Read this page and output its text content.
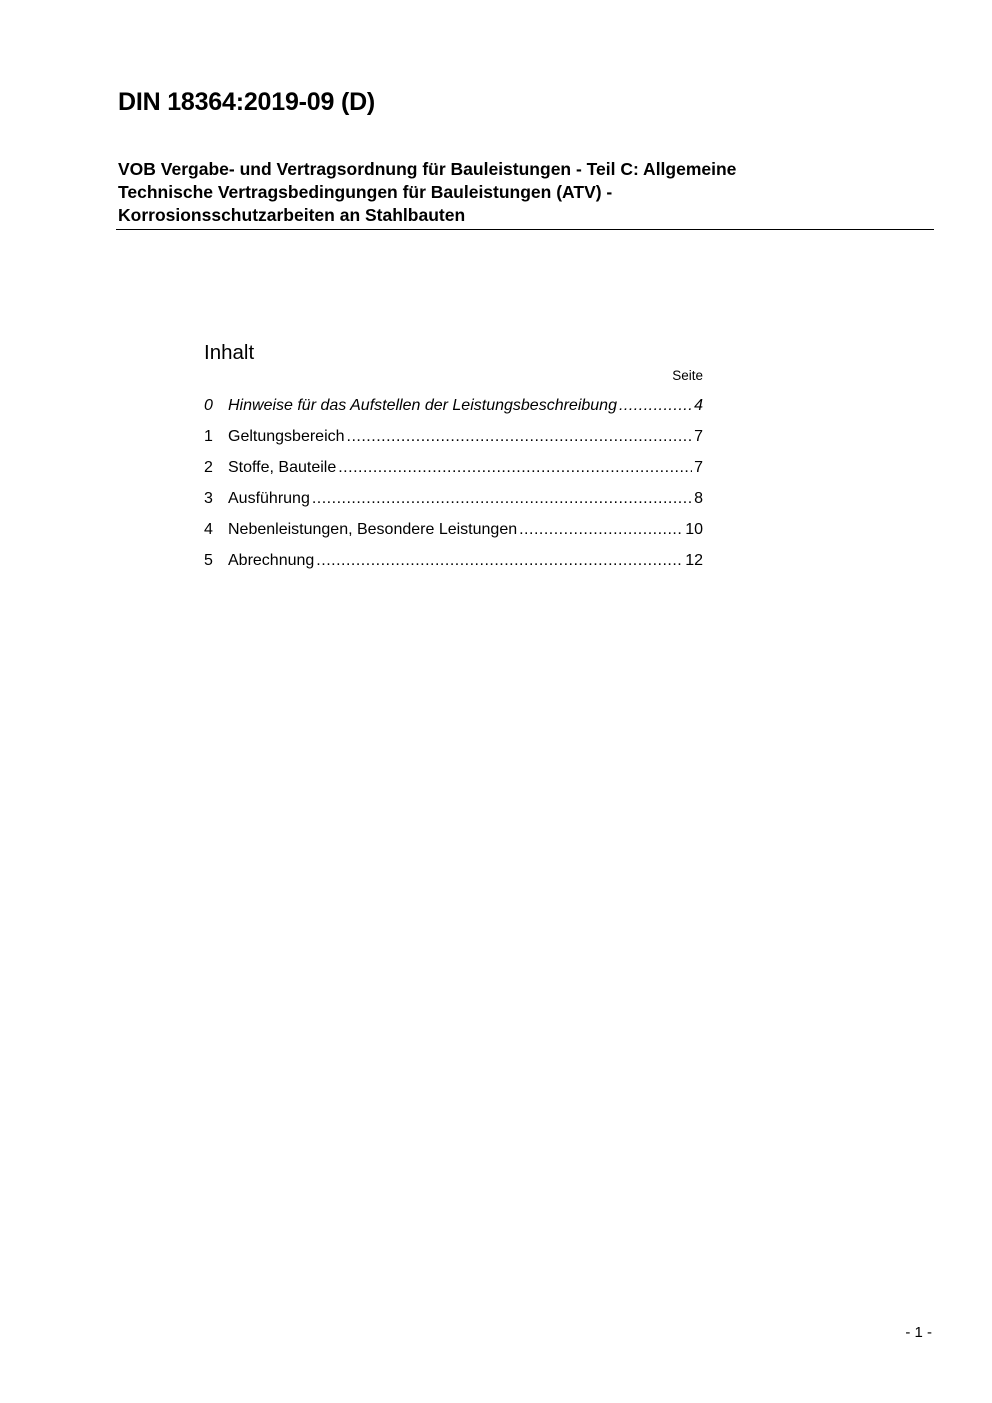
DIN 18364:2019-09 (D)
VOB Vergabe- und Vertragsordnung für Bauleistungen - Teil C: Allgemeine
Technische Vertragsbedingungen für Bauleistungen (ATV) -
Korrosionsschutzarbeiten an Stahlbauten
Inhalt
Seite
0 Hinweise für das Aufstellen der Leistungsbeschreibung .....	4
1 Geltungsbereich .....	7
2 Stoffe, Bauteile .....	7
3 Ausführung .....	8
4 Nebenleistungen, Besondere Leistungen .....	10
5 Abrechnung .....	12
- 1 -
